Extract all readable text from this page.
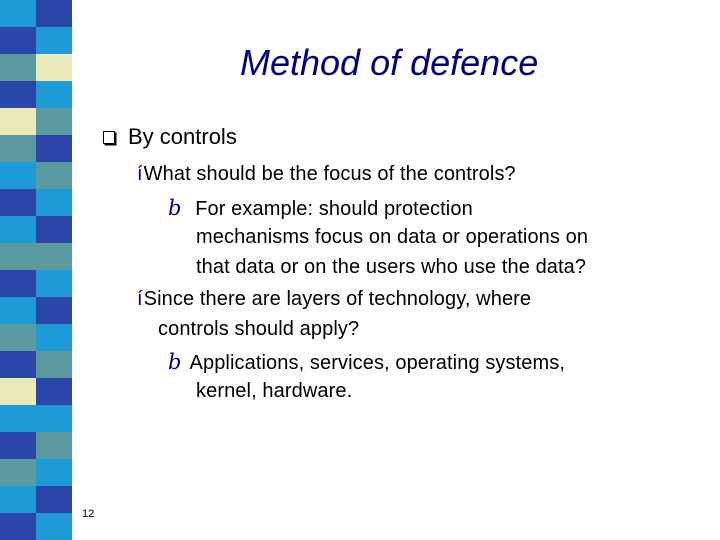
Method of defence
By controls
íWhat should be the focus of the controls?
b For example: should protection
mechanisms focus on data or operations on
that data or on the users who use the data?
íSince there are layers of technology, where
controls should apply?
b Applications, services, operating systems,
kernel, hardware.
12
